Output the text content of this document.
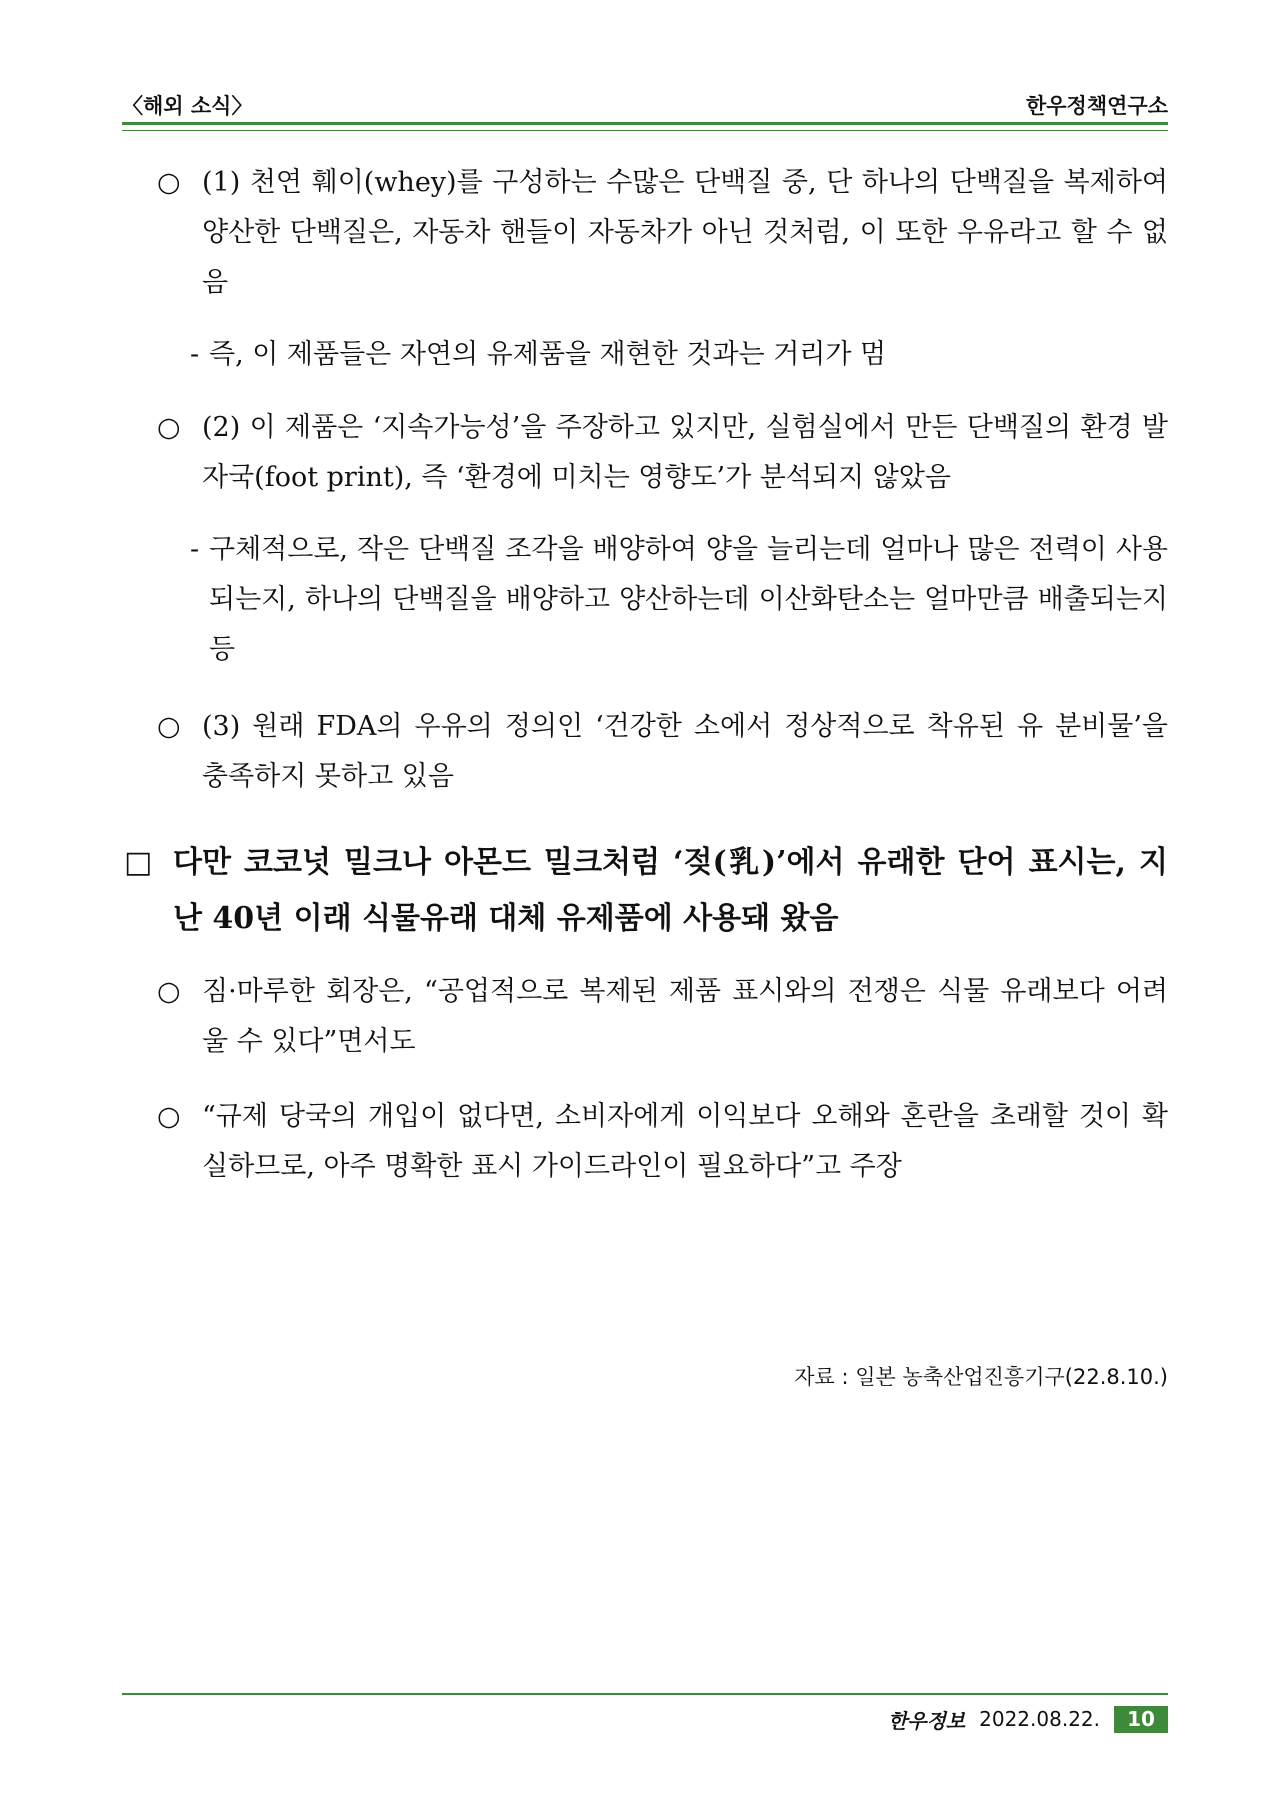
〈해외 소식〉	한우정책연구소
○ (1) 천연 훼이(whey)를 구성하는 수많은 단백질 중, 단 하나의 단백질을 복제하여 양산한 단백질은, 자동차 핸들이 자동차가 아닌 것처럼, 이 또한 우유라고 할 수 없음
- 즉, 이 제품들은 자연의 유제품을 재현한 것과는 거리가 멈
○ (2) 이 제품은 ‘지속가능성’을 주장하고 있지만, 실험실에서 만든 단백질의 환경 발자국(foot print), 즉 ‘환경에 미치는 영향도’가 분석되지 않았음
- 구체적으로, 작은 단백질 조각을 배양하여 양을 늘리는데 얼마나 많은 전력이 사용되는지, 하나의 단백질을 배양하고 양산하는데 이산화탄소는 얼마만큼 배출되는지 등
○ (3) 원래 FDA의 우유의 정의인 ‘건강한 소에서 정상적으로 착유된 유 분비물’을 충족하지 못하고 있음
□ 다만 코코넛 밀크나 아몬드 밀크처럼 ‘젖(乳)’에서 유래한 단어 표시는, 지난 40년 이래 식물유래 대체 유제품에 사용돼 왔음
○ 짐·마루한 회장은, “공업적으로 복제된 제품 표시와의 전쟁은 식물 유래보다 어려울 수 있다”면서도
○ “규제 당국의 개입이 없다면, 소비자에게 이익보다 오해와 혼란을 초래할 것이 확실하므로, 아주 명확한 표시 가이드라인이 필요하다”고 주장
자료 : 일본 농축산업진흥기구(22.8.10.)
한우정보 2022.08.22.	10
